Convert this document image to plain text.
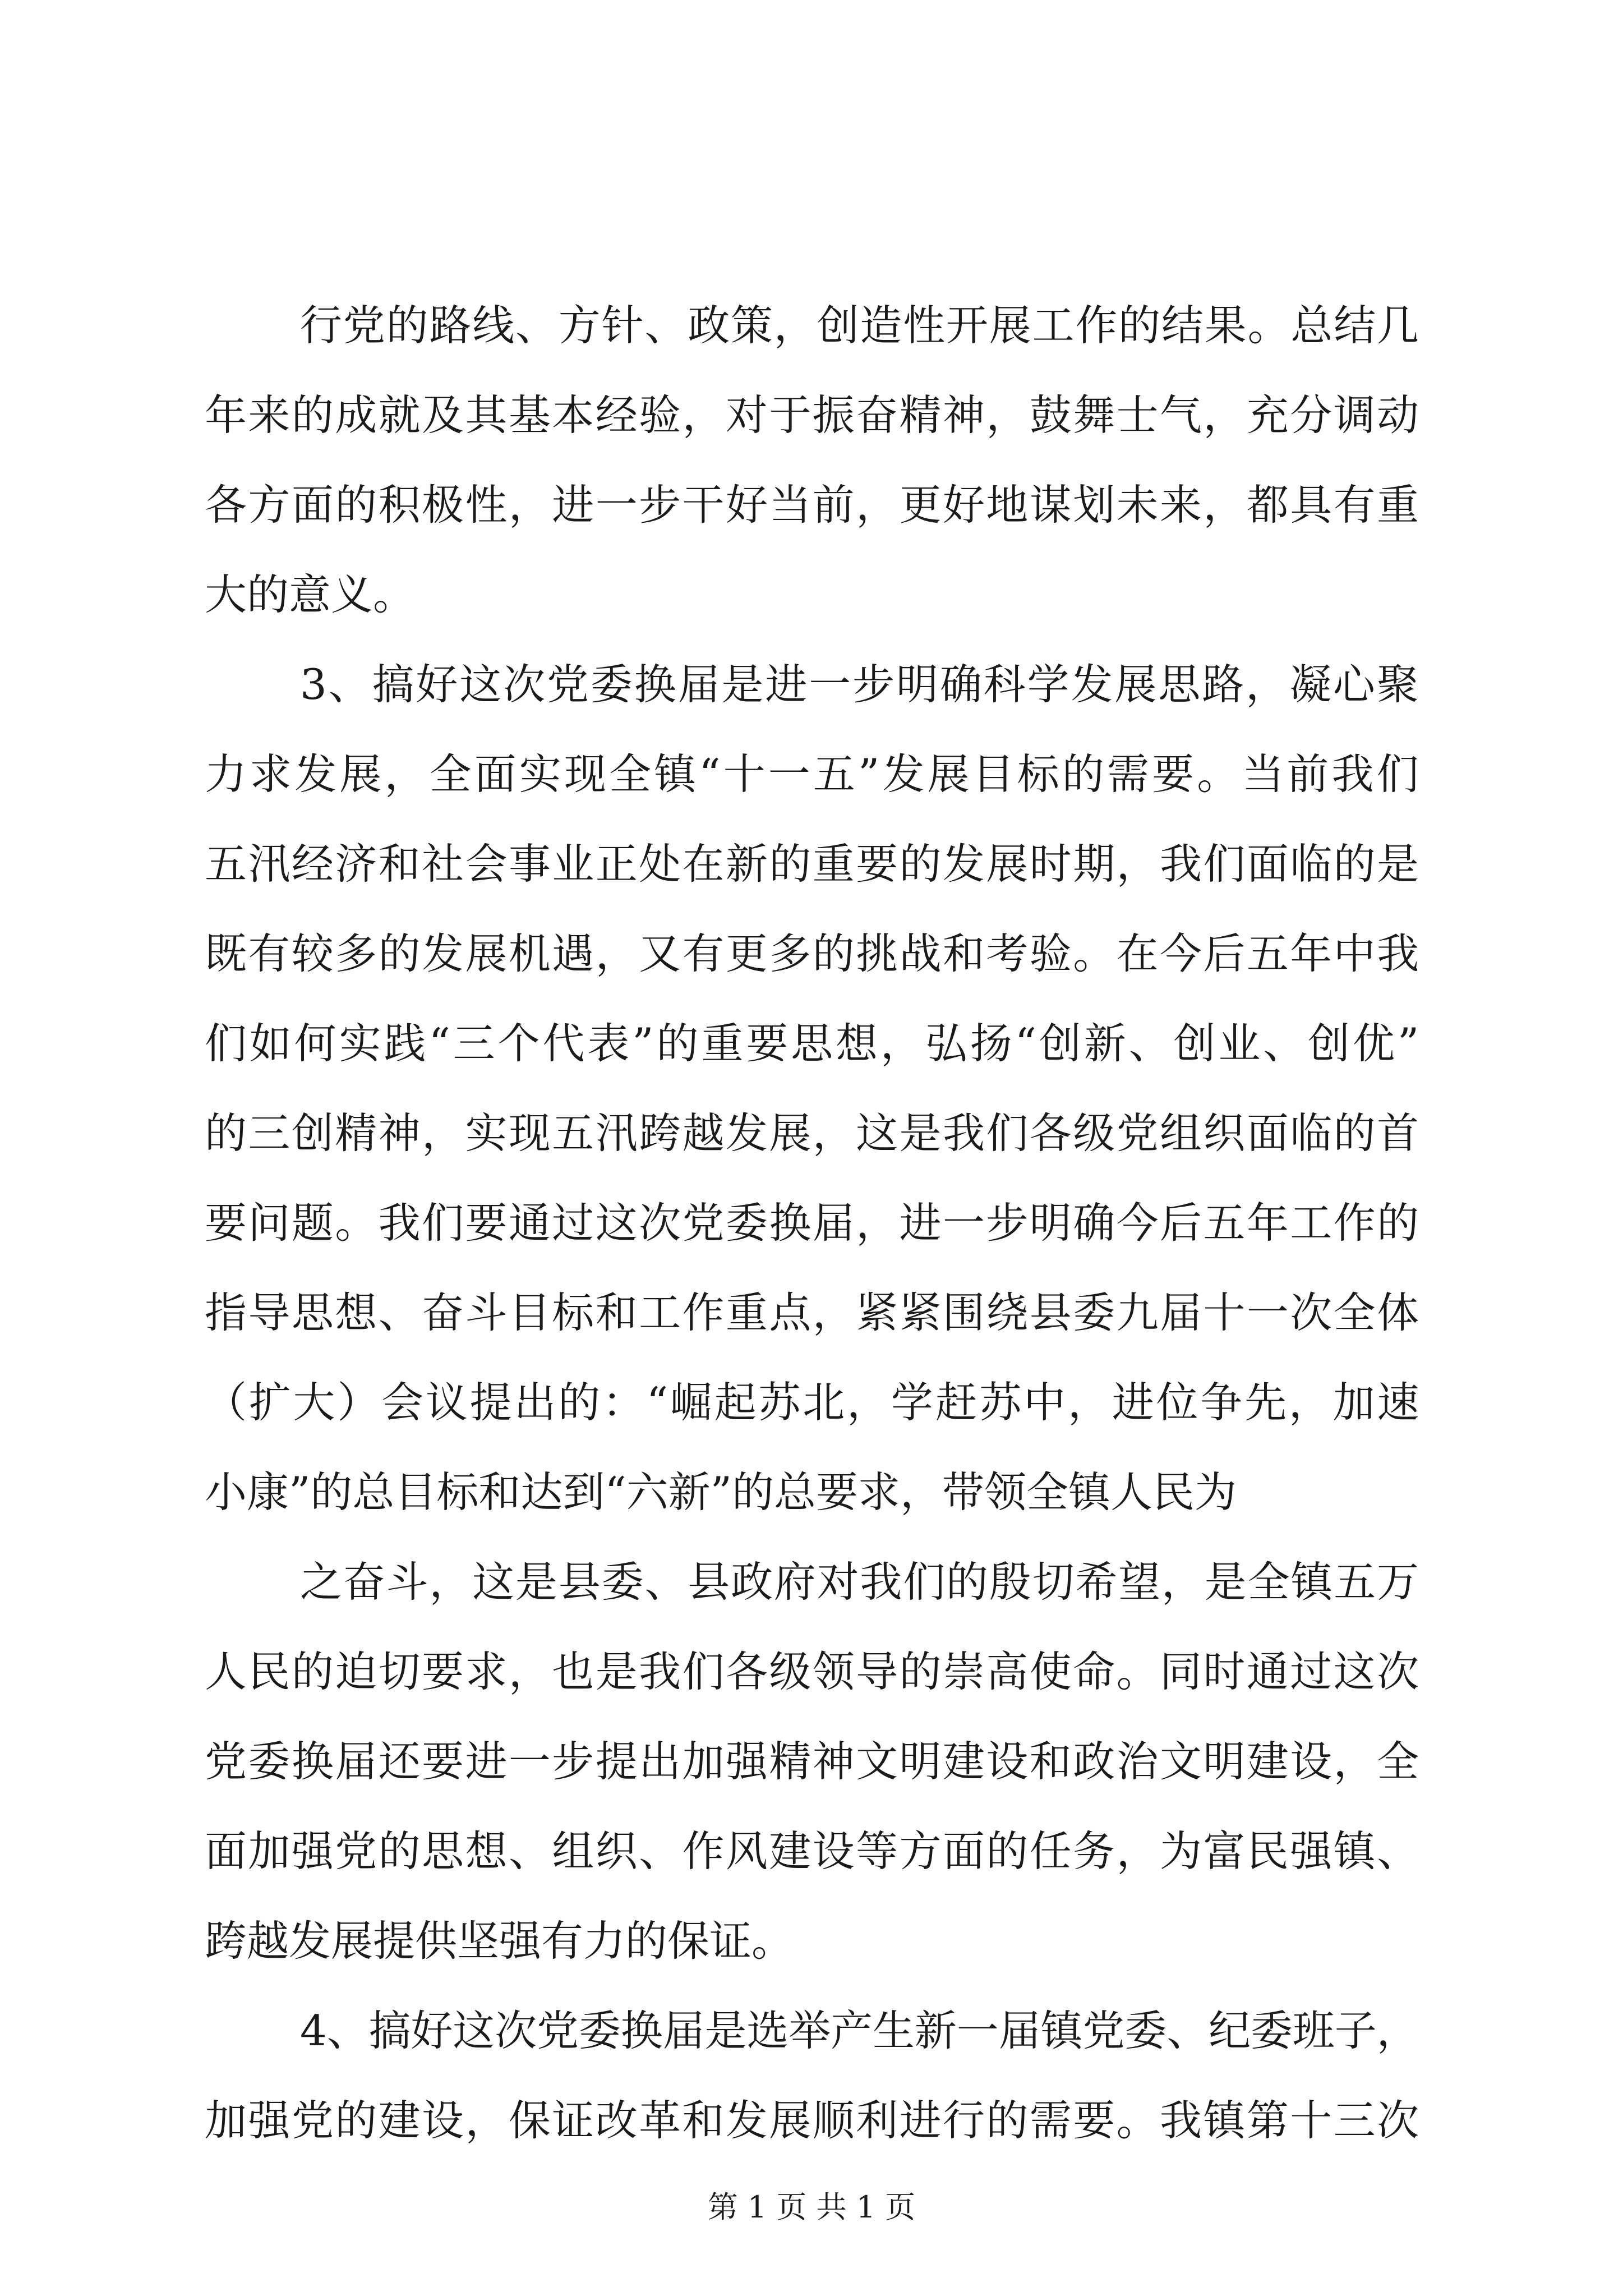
行党的路线、方针、政策，创造性开展工作的结果。总结几
年来的成就及其基本经验，对于振奋精神，鼓舞士气，充分调动
各方面的积极性，进一步干好当前，更好地谋划未来，都具有重
大的意义。
3、搞好这次党委换届是进一步明确科学发展思路，凝心聚
力求发展，全面实现全镇“十一五”发展目标的需要。当前我们
五汛经济和社会事业正处在新的重要的发展时期，我们面临的是
既有较多的发展机遇，又有更多的挑战和考验。在今后五年中我
们如何实践“三个代表”的重要思想，弘扬“创新、创业、创优”
的三创精神，实现五汛跨越发展，这是我们各级党组织面临的首
要问题。我们要通过这次党委换届，进一步明确今后五年工作的
指导思想、奋斗目标和工作重点，紧紧围绕县委九届十一次全体
（扩大）会议提出的：“崛起苏北，学赶苏中，进位争先，加速
小康”的总目标和达到“六新”的总要求，带领全镇人民为
之奋斗，这是县委、县政府对我们的殷切希望，是全镇五万
人民的迫切要求，也是我们各级领导的崇高使命。同时通过这次
党委换届还要进一步提出加强精神文明建设和政治文明建设，全
面加强党的思想、组织、作风建设等方面的任务，为富民强镇、
跨越发展提供坚强有力的保证。
4、搞好这次党委换届是选举产生新一届镇党委、纪委班子，
加强党的建设，保证改革和发展顺利进行的需要。我镇第十三次
第 1 页 共 1 页
